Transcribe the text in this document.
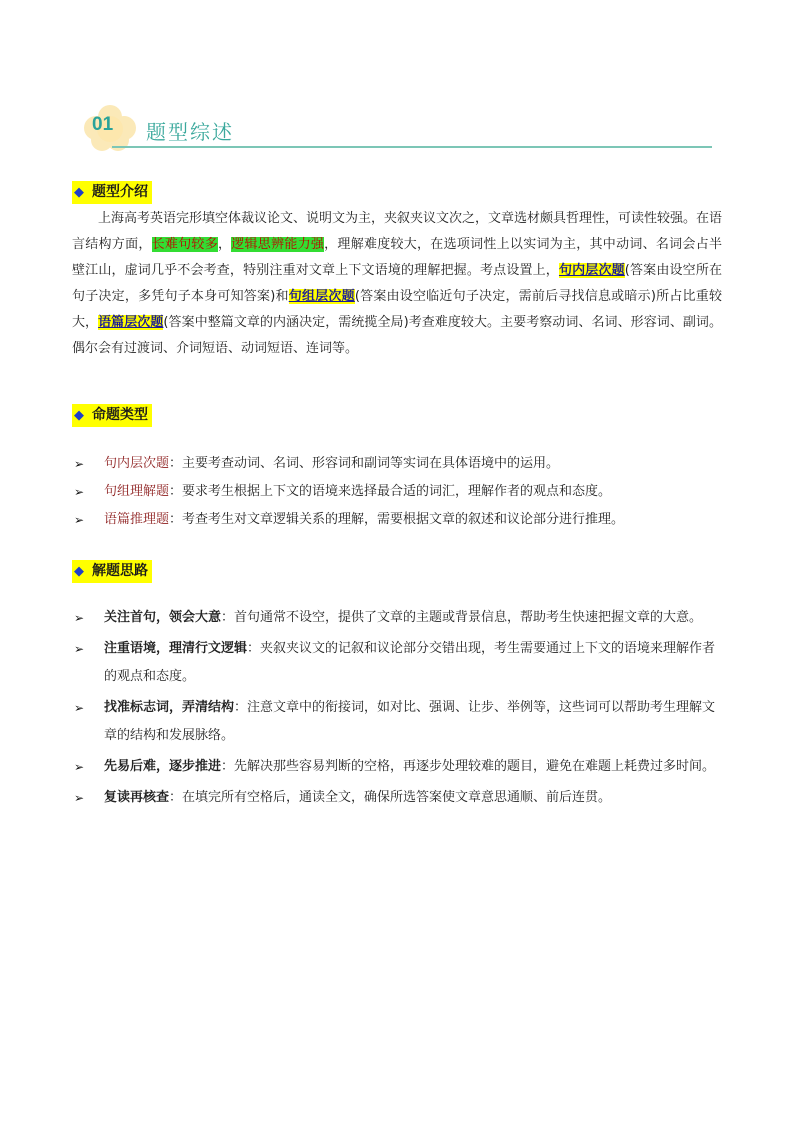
01 题型综述
◆ 题型介绍
上海高考英语完形填空体裁议论文、说明文为主，夹叙夹议文次之，文章选材颇具哲理性，可读性较强。在语言结构方面，长难句较多，逻辑思辨能力强，理解难度较大，在选项词性上以实词为主，其中动词、名词会占半壁江山，虚词几乎不会考查，特别注重对文章上下文语境的理解把握。考点设置上，句内层次题(答案由设空所在句子决定，多凭句子本身可知答案)和句组层次题(答案由设空临近句子决定，需前后寻找信息或暗示)所占比重较大，语篇层次题(答案中整篇文章的内涵决定，需统揽全局)考查难度较大。主要考察动词、名词、形容词、副词。偶尔会有过渡词、介词短语、动词短语、连词等。
◆ 命题类型
➢ 句内层次题：主要考查动词、名词、形容词和副词等实词在具体语境中的运用。
➢ 句组理解题：要求考生根据上下文的语境来选择最合适的词汇，理解作者的观点和态度。
➢ 语篇推理题：考查考生对文章逻辑关系的理解，需要根据文章的叙述和议论部分进行推理。
◆ 解题思路
➢ 关注首句，领会大意：首句通常不设空，提供了文章的主题或背景信息，帮助考生快速把握文章的大意。
➢ 注重语境，理清行文逻辑：夹叙夹议文的记叙和议论部分交错出现，考生需要通过上下文的语境来理解作者的观点和态度。
➢ 找准标志词，弄清结构：注意文章中的衔接词，如对比、强调、让步、举例等，这些词可以帮助考生理解文章的结构和发展脉络。
➢ 先易后难，逐步推进：先解决那些容易判断的空格，再逐步处理较难的题目，避免在难题上耗费过多时间。
➢ 复读再核查：在填完所有空格后，通读全文，确保所选答案使文章意思通顺、前后连贯。
